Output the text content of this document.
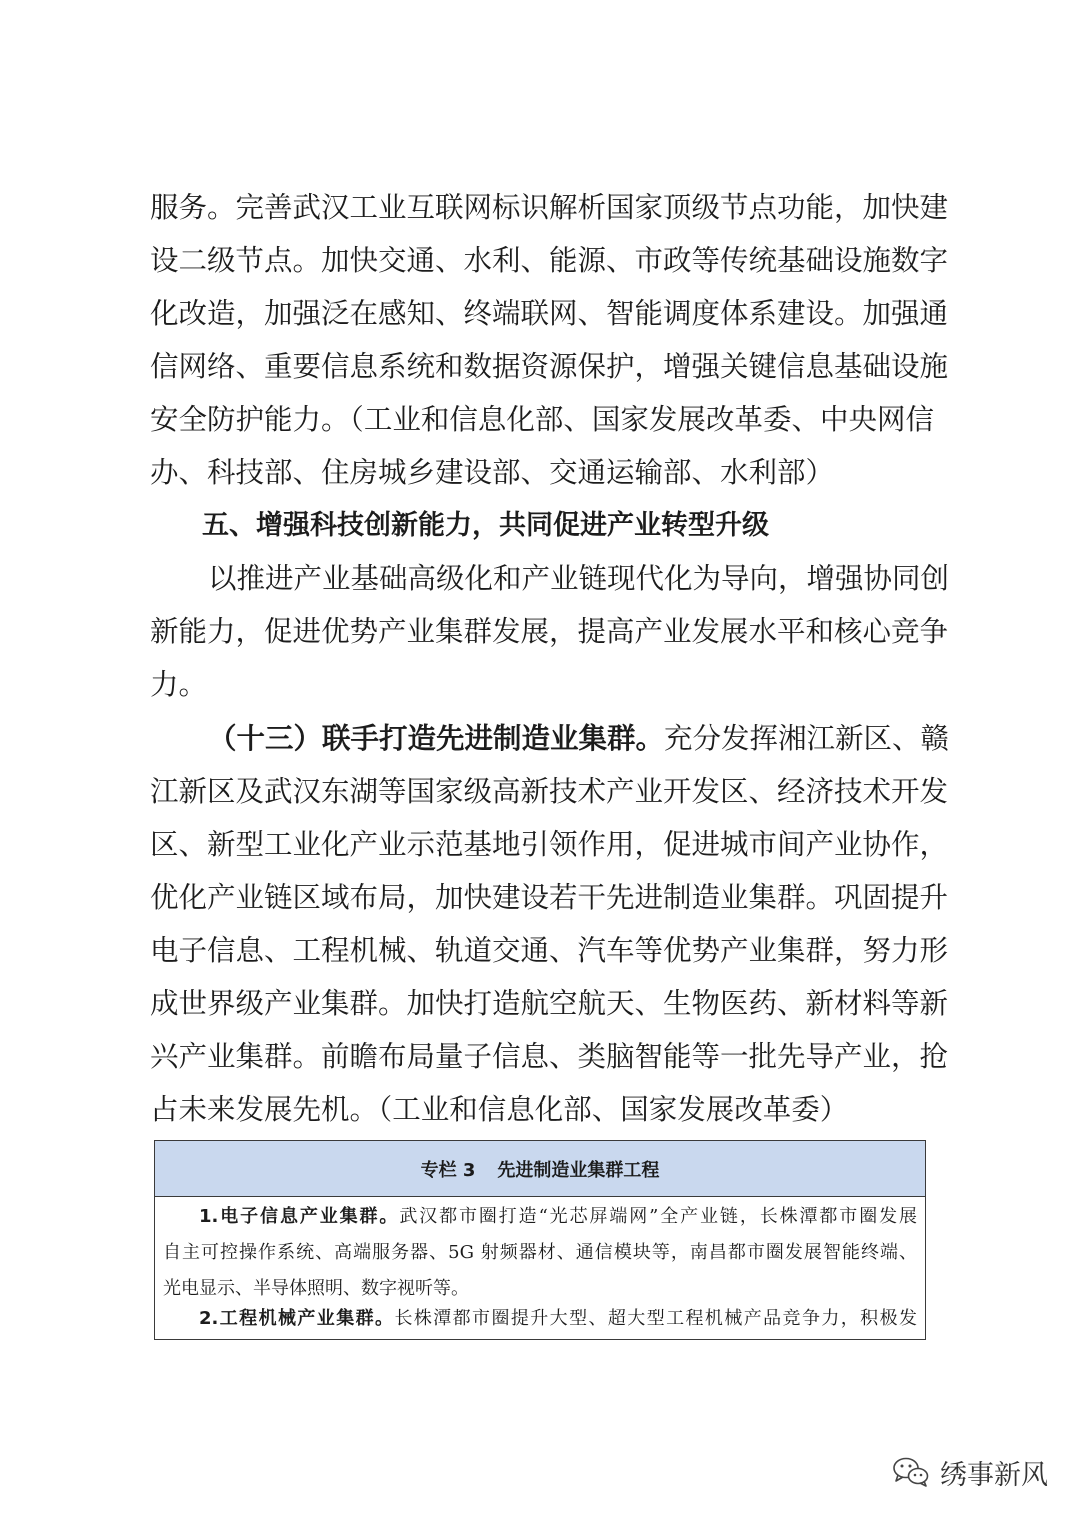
服务。完善武汉工业互联网标识解析国家顶级节点功能，加快建
设二级节点。加快交通、水利、能源、市政等传统基础设施数字
化改造，加强泛在感知、终端联网、智能调度体系建设。加强通
信网络、重要信息系统和数据资源保护，增强关键信息基础设施
安全防护能力。（工业和信息化部、国家发展改革委、中央网信
办、科技部、住房城乡建设部、交通运输部、水利部）
五、增强科技创新能力，共同促进产业转型升级
以推进产业基础高级化和产业链现代化为导向，增强协同创
新能力，促进优势产业集群发展，提高产业发展水平和核心竞争
力。
（十三）联手打造先进制造业集群。充分发挥湘江新区、赣
江新区及武汉东湖等国家级高新技术产业开发区、经济技术开发
区、新型工业化产业示范基地引领作用，促进城市间产业协作，
优化产业链区域布局，加快建设若干先进制造业集群。巩固提升
电子信息、工程机械、轨道交通、汽车等优势产业集群，努力形
成世界级产业集群。加快打造航空航天、生物医药、新材料等新
兴产业集群。前瞻布局量子信息、类脑智能等一批先导产业，抢
占未来发展先机。（工业和信息化部、国家发展改革委）
专栏 3 先进制造业集群工程
1.电子信息产业集群。武汉都市圈打造“光芯屏端网”全产业链，长株潭都市圈发展
自主可控操作系统、高端服务器、5G 射频器材、通信模块等，南昌都市圈发展智能终端、
光电显示、半导体照明、数字视听等。
2.工程机械产业集群。长株潭都市圈提升大型、超大型工程机械产品竞争力，积极发
绣事新风
